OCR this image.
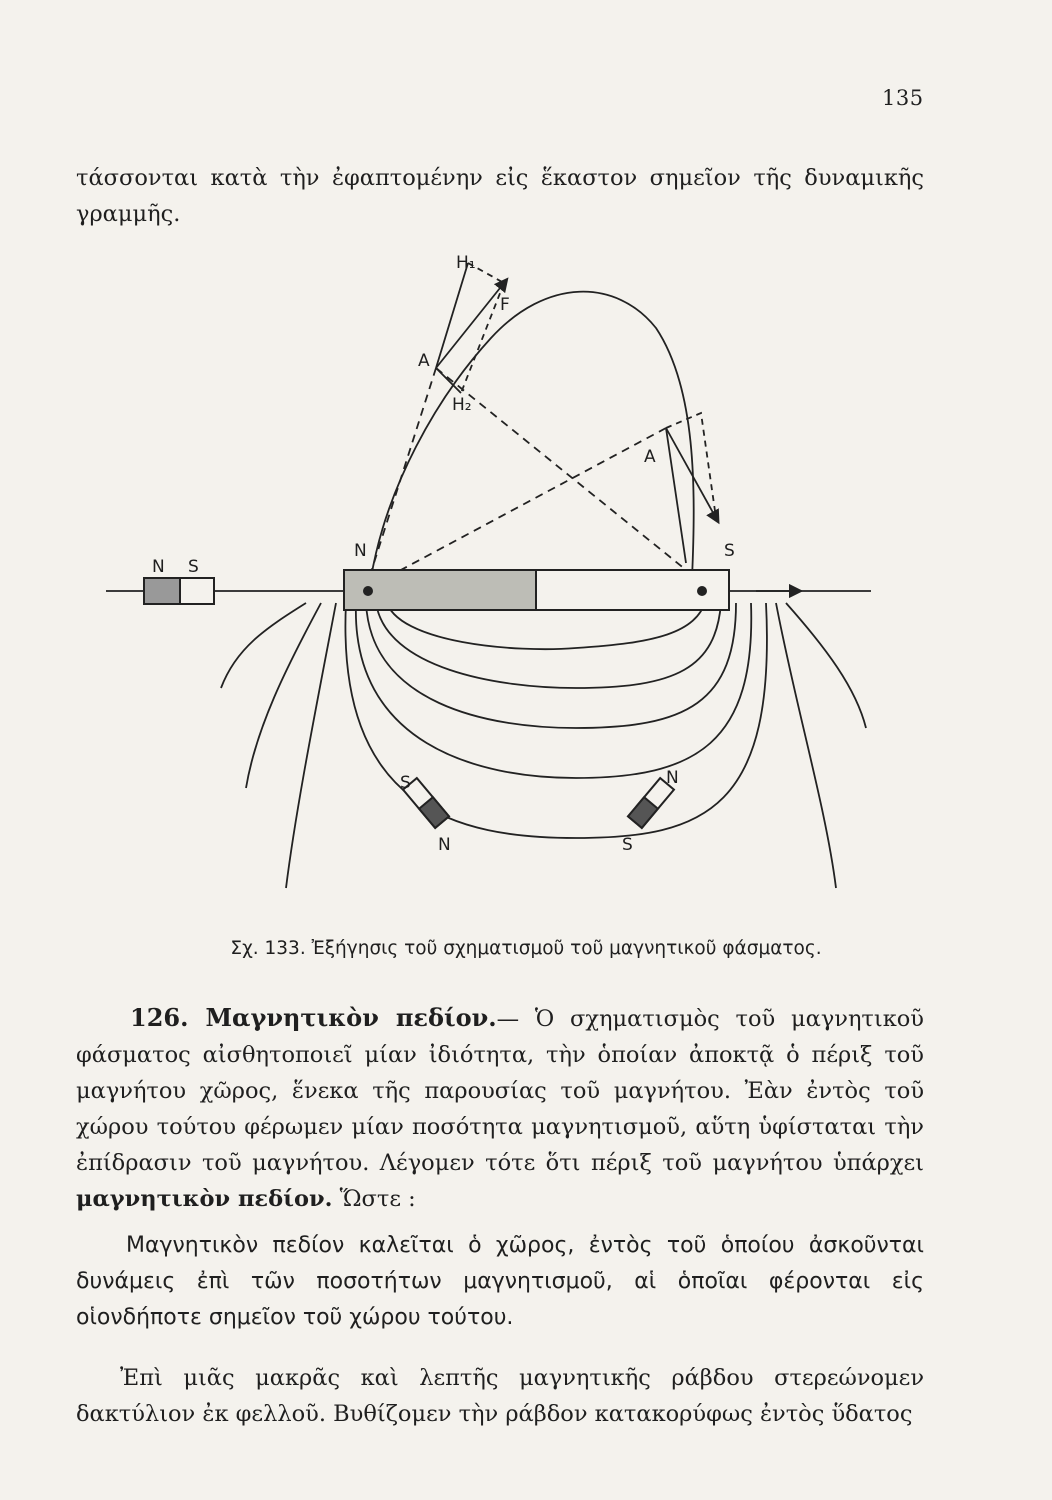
135
τάσσονται κατὰ τὴν ἐφαπτομένην εἰς ἕκαστον σημεῖον τῆς δυναμικῆς γραμμῆς.
H₁
F
A
H₂
A
N	S
N S
S
N
N
S
Σχ. 133. Ἐξήγησις τοῦ σχηματισμοῦ τοῦ μαγνητικοῦ φάσματος.
126. Μαγνητικὸν πεδίον.— Ὁ σχηματισμὸς τοῦ μαγνητικοῦ φάσματος αἰσθητοποιεῖ μίαν ἰδιότητα, τὴν ὁποίαν ἀποκτᾷ ὁ πέριξ τοῦ μαγνήτου χῶρος, ἕνεκα τῆς παρουσίας τοῦ μαγνήτου. Ἐὰν ἐντὸς τοῦ χώρου τούτου φέρωμεν μίαν ποσότητα μαγνητισμοῦ, αὕτη ὑφίσταται τὴν ἐπίδρασιν τοῦ μαγνήτου. Λέγομεν τότε ὅτι πέριξ τοῦ μαγνήτου ὑπάρχει μαγνητικὸν πεδίον. Ὥστε :
Μαγνητικὸν πεδίον καλεῖται ὁ χῶρος, ἐντὸς τοῦ ὁποίου ἀσκοῦνται δυνάμεις ἐπὶ τῶν ποσοτήτων μαγνητισμοῦ, αἱ ὁποῖαι φέρονται εἰς οἱονδήποτε σημεῖον τοῦ χώρου τούτου.
Ἐπὶ μιᾶς μακρᾶς καὶ λεπτῆς μαγνητικῆς ράβδου στερεώνομεν δακτύλιον ἐκ φελλοῦ. Βυθίζομεν τὴν ράβδον κατακορύφως ἐντὸς ὕδατος
